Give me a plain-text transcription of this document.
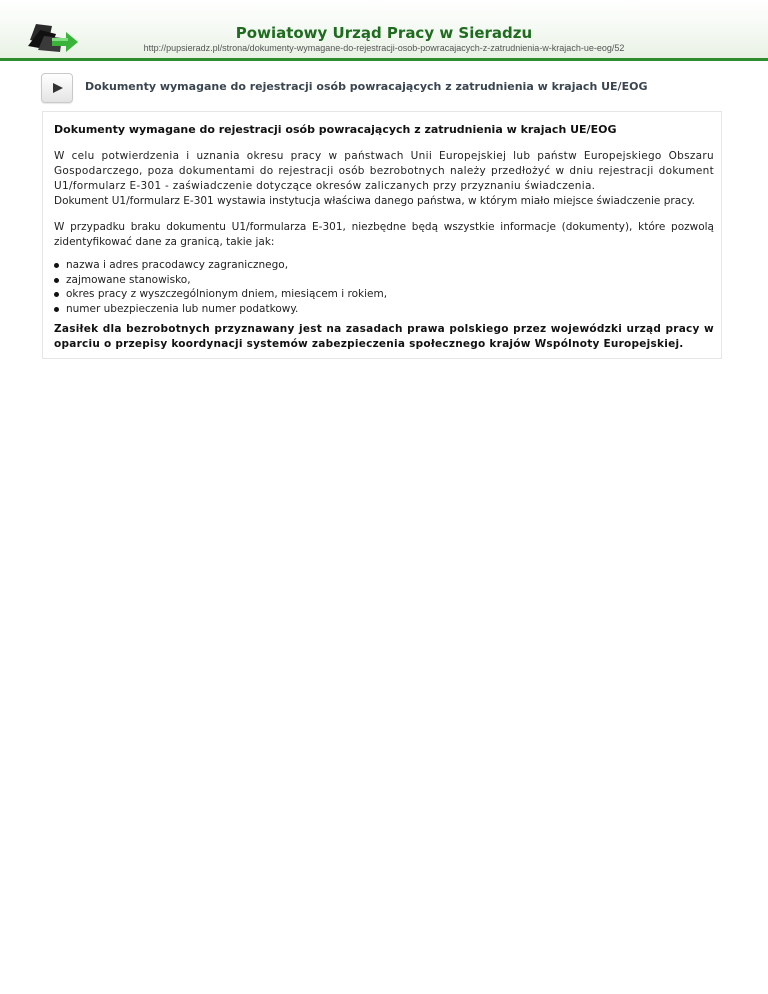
Powiatowy Urząd Pracy w Sieradzu
http://pupsieradz.pl/strona/dokumenty-wymagane-do-rejestracji-osob-powracajacych-z-zatrudnienia-w-krajach-ue-eog/52
Dokumenty wymagane do rejestracji osób powracających z zatrudnienia w krajach UE/EOG
Dokumenty wymagane do rejestracji osób powracających z zatrudnienia w krajach UE/EOG
W celu potwierdzenia i uznania okresu pracy w państwach Unii Europejskiej lub państw Europejskiego Obszaru Gospodarczego, poza dokumentami do rejestracji osób bezrobotnych należy przedłożyć w dniu rejestracji dokument U1/formularz E-301 - zaświadczenie dotyczące okresów zaliczanych przy przyznaniu świadczenia.
Dokument U1/formularz E-301 wystawia instytucja właściwa danego państwa, w którym miało miejsce świadczenie pracy.
W przypadku braku dokumentu U1/formularza E-301, niezbędne będą wszystkie informacje (dokumenty), które pozwolą zidentyfikować dane za granicą, takie jak:
nazwa i adres pracodawcy zagranicznego,
zajmowane stanowisko,
okres pracy z wyszczególnionym dniem, miesiącem i rokiem,
numer ubezpieczenia lub numer podatkowy.
Zasiłek dla bezrobotnych przyznawany jest na zasadach prawa polskiego przez wojewódzki urząd pracy w oparciu o przepisy koordynacji systemów zabezpieczenia społecznego krajów Wspólnoty Europejskiej.
